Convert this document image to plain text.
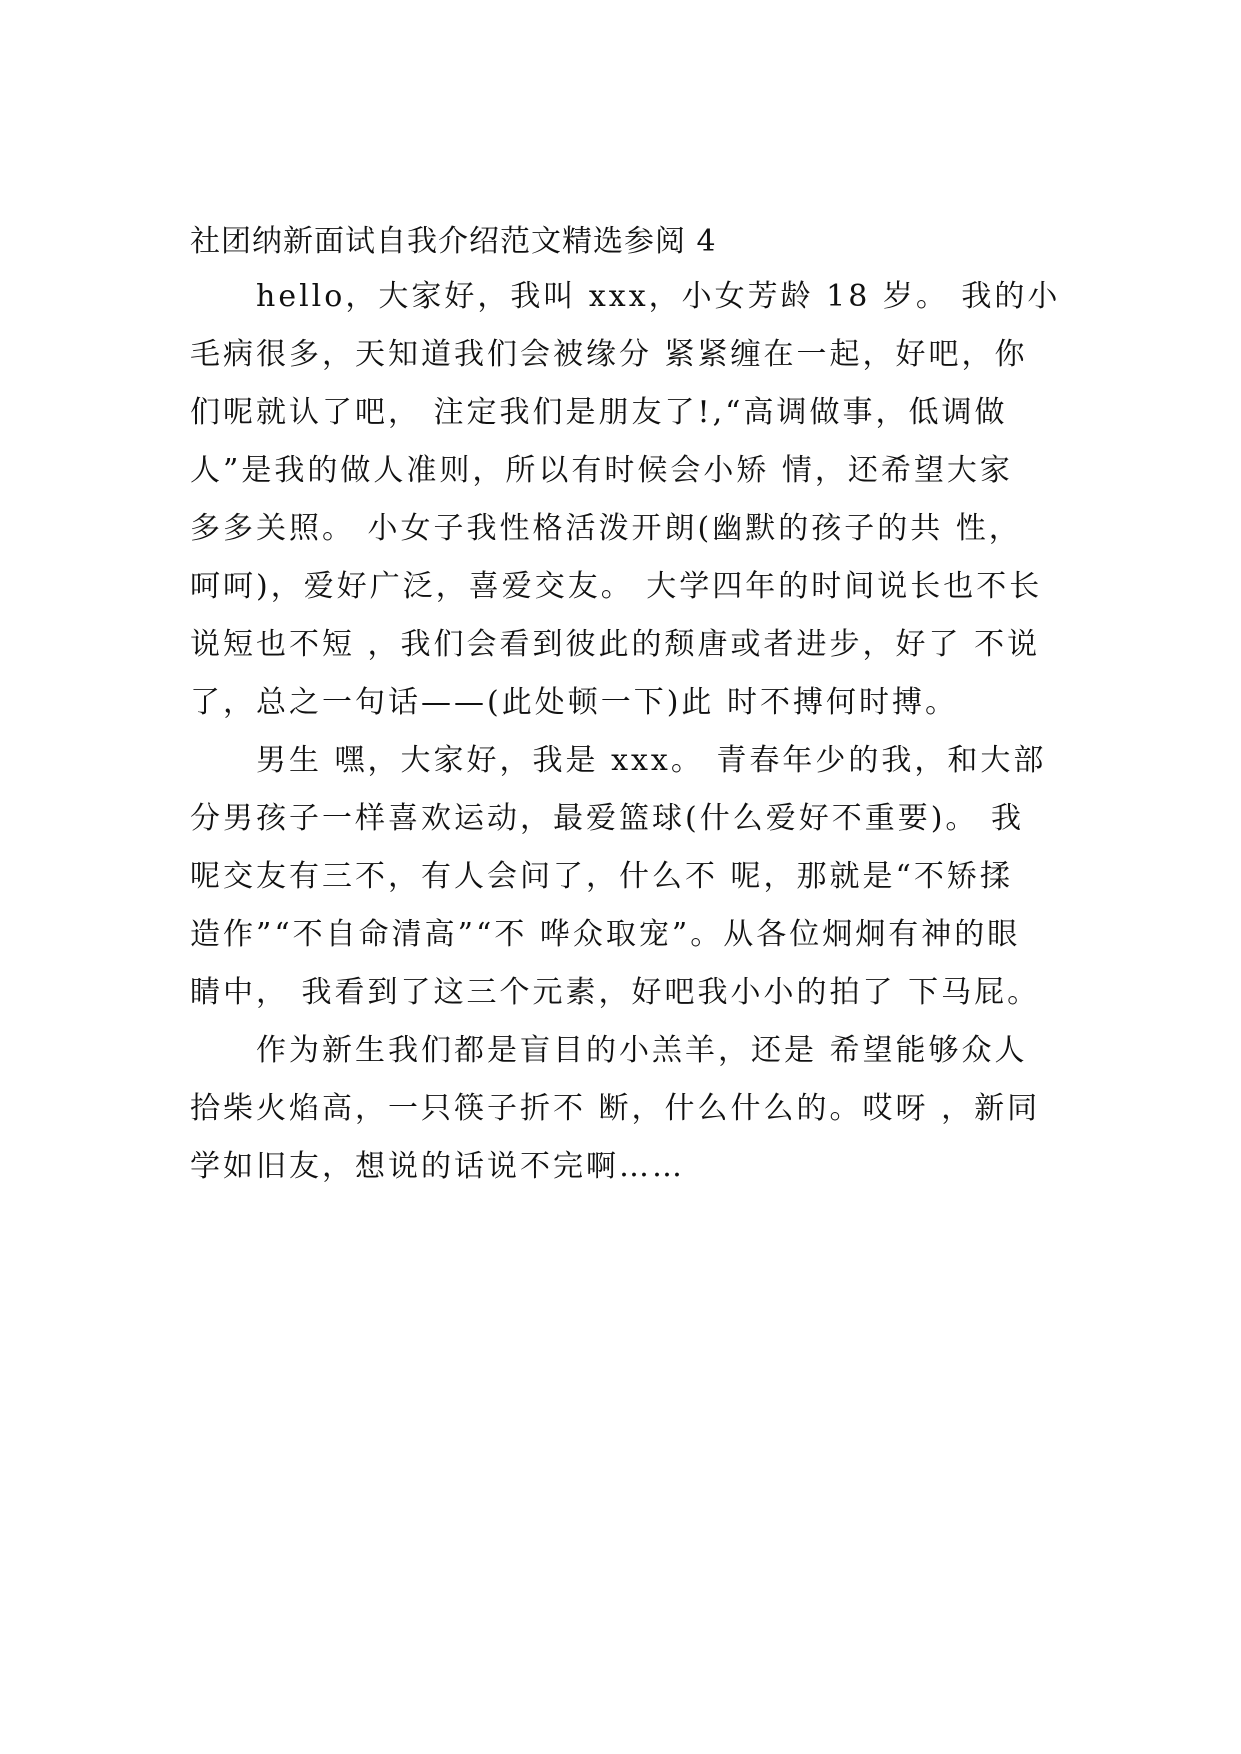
社团纳新面试自我介绍范文精选参阅 4
hello，大家好，我叫 xxx，小女芳龄 18 岁。 我的小
毛病很多，天知道我们会被缘分 紧紧缠在一起，好吧，你
们呢就认了吧， 注定我们是朋友了!,“高调做事，低调做
人”是我的做人准则，所以有时候会小矫 情，还希望大家
多多关照。 小女子我性格活泼开朗(幽默的孩子的共 性，
呵呵)，爱好广泛，喜爱交友。 大学四年的时间说长也不长
说短也不短 ，我们会看到彼此的颓唐或者进步，好了 不说
了，总之一句话——(此处顿一下)此 时不搏何时搏。
男生 嘿，大家好，我是 xxx。 青春年少的我，和大部
分男孩子一样喜欢运动，最爱篮球(什么爱好不重要)。 我
呢交友有三不，有人会问了，什么不 呢，那就是“不矫揉
造作”“不自命清高”“不 哗众取宠”。从各位炯炯有神的眼
睛中， 我看到了这三个元素，好吧我小小的拍了 下马屁。
作为新生我们都是盲目的小羔羊，还是 希望能够众人
拾柴火焰高，一只筷子折不 断，什么什么的。哎呀 ，新同
学如旧友，想说的话说不完啊……
